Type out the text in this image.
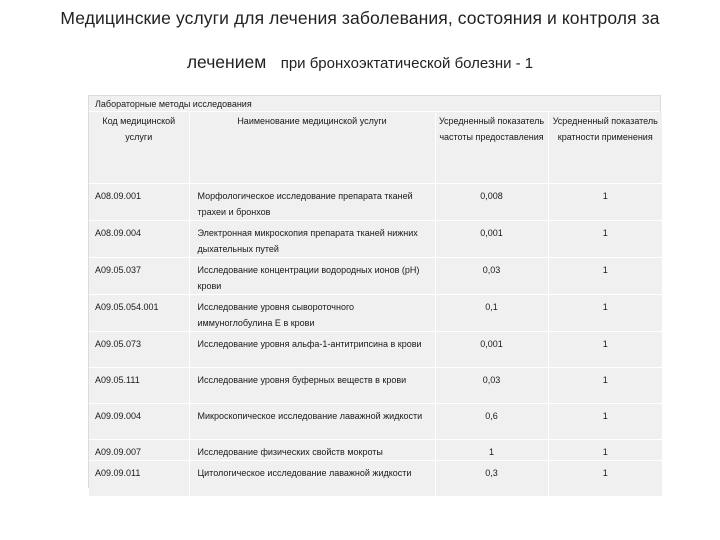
Медицинские услуги для лечения заболевания, состояния и контроля за
лечением при бронхоэктатической болезни - 1
Лабораторные методы исследования
Код медицинской услуги	Наименование медицинской услуги	Усредненный показатель частоты предоставления	Усредненный показатель кратности применения

A08.09.001	Морфологическое исследование препарата тканей трахеи и бронхов	0,008	1

A08.09.004	Электронная микроскопия препарата тканей нижних дыхательных путей	0,001	1

A09.05.037	Исследование концентрации водородных ионов (pH) крови	0,03	1

A09.05.054.001	Исследование уровня сывороточного иммуноглобулина E в крови	0,1	1

A09.05.073	Исследование уровня альфа-1-антитрипсина в крови	0,001	1

A09.05.111	Исследование уровня буферных веществ в крови	0,03	1

A09.09.004	Микроскопическое исследование лаважной жидкости	0,6	1

A09.09.007	Исследование физических свойств мокроты	1	1

A09.09.011	Цитологическое исследование лаважной жидкости	0,3	1
